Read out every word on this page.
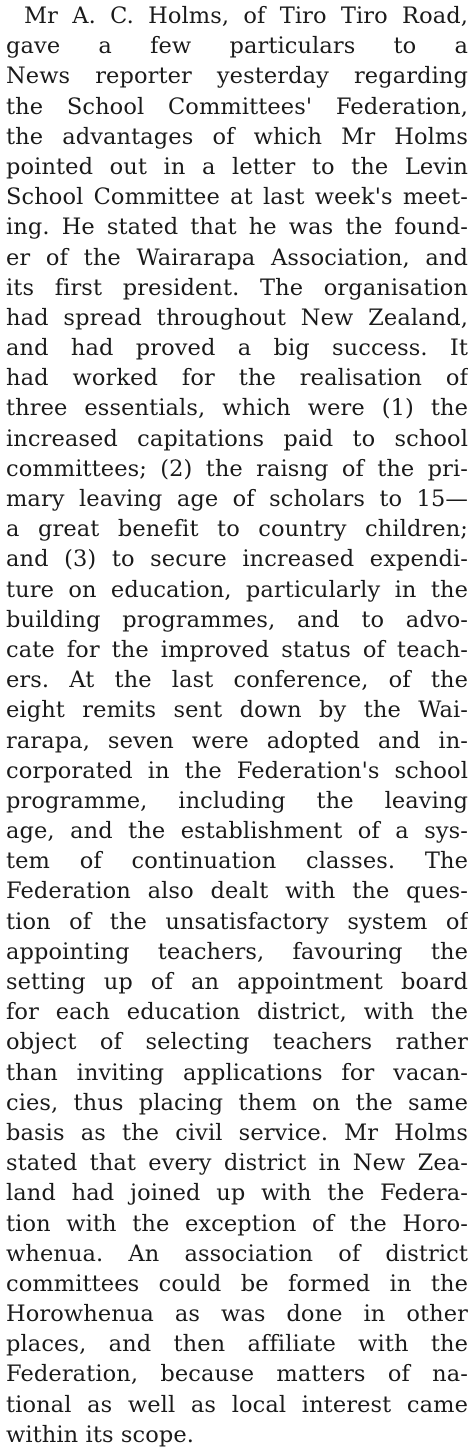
Mr A. C. Holms, of Tiro Tiro Road,
gave a few particulars to a
News reporter yesterday regarding
the School Committees' Federation,
the advantages of which Mr Holms
pointed out in a letter to the Levin
School Committee at last week's meet-
ing. He stated that he was the found-
er of the Wairarapa Association, and
its first president. The organisation
had spread throughout New Zealand,
and had proved a big success. It
had worked for the realisation of
three essentials, which were (1) the
increased capitations paid to school
committees; (2) the raisng of the pri-
mary leaving age of scholars to 15—
a great benefit to country children;
and (3) to secure increased expendi-
ture on education, particularly in the
building programmes, and to advo-
cate for the improved status of teach-
ers. At the last conference, of the
eight remits sent down by the Wai-
rarapa, seven were adopted and in-
corporated in the Federation's school
programme, including the leaving
age, and the establishment of a sys-
tem of continuation classes. The
Federation also dealt with the ques-
tion of the unsatisfactory system of
appointing teachers, favouring the
setting up of an appointment board
for each education district, with the
object of selecting teachers rather
than inviting applications for vacan-
cies, thus placing them on the same
basis as the civil service. Mr Holms
stated that every district in New Zea-
land had joined up with the Federa-
tion with the exception of the Horo-
whenua. An association of district
committees could be formed in the
Horowhenua as was done in other
places, and then affiliate with the
Federation, because matters of na-
tional as well as local interest came
within its scope.
